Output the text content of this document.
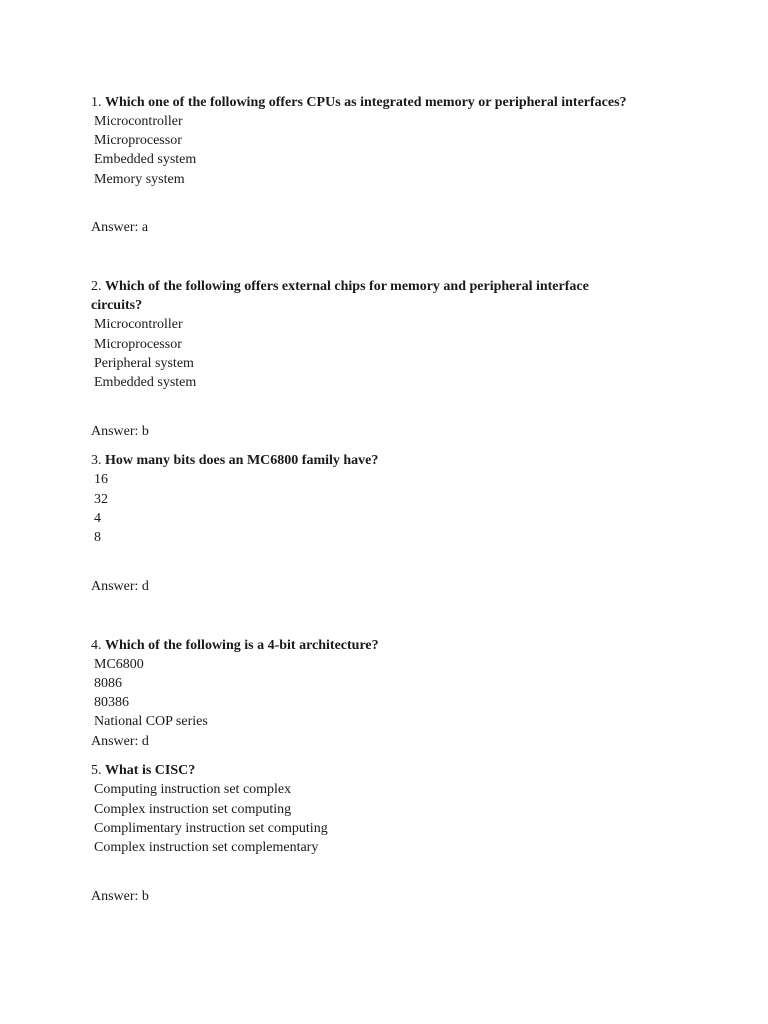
1. Which one of the following offers CPUs as integrated memory or peripheral interfaces?
Microcontroller
Microprocessor
Embedded system
Memory system
Answer: a
2. Which of the following offers external chips for memory and peripheral interface
circuits?
Microcontroller
Microprocessor
Peripheral system
Embedded system
Answer: b
3. How many bits does an MC6800 family have?
16
32
4
8
Answer: d
4. Which of the following is a 4-bit architecture?
MC6800
8086
80386
National COP series
Answer: d
5. What is CISC?
Computing instruction set complex
Complex instruction set computing
Complimentary instruction set computing
Complex instruction set complementary
Answer: b
